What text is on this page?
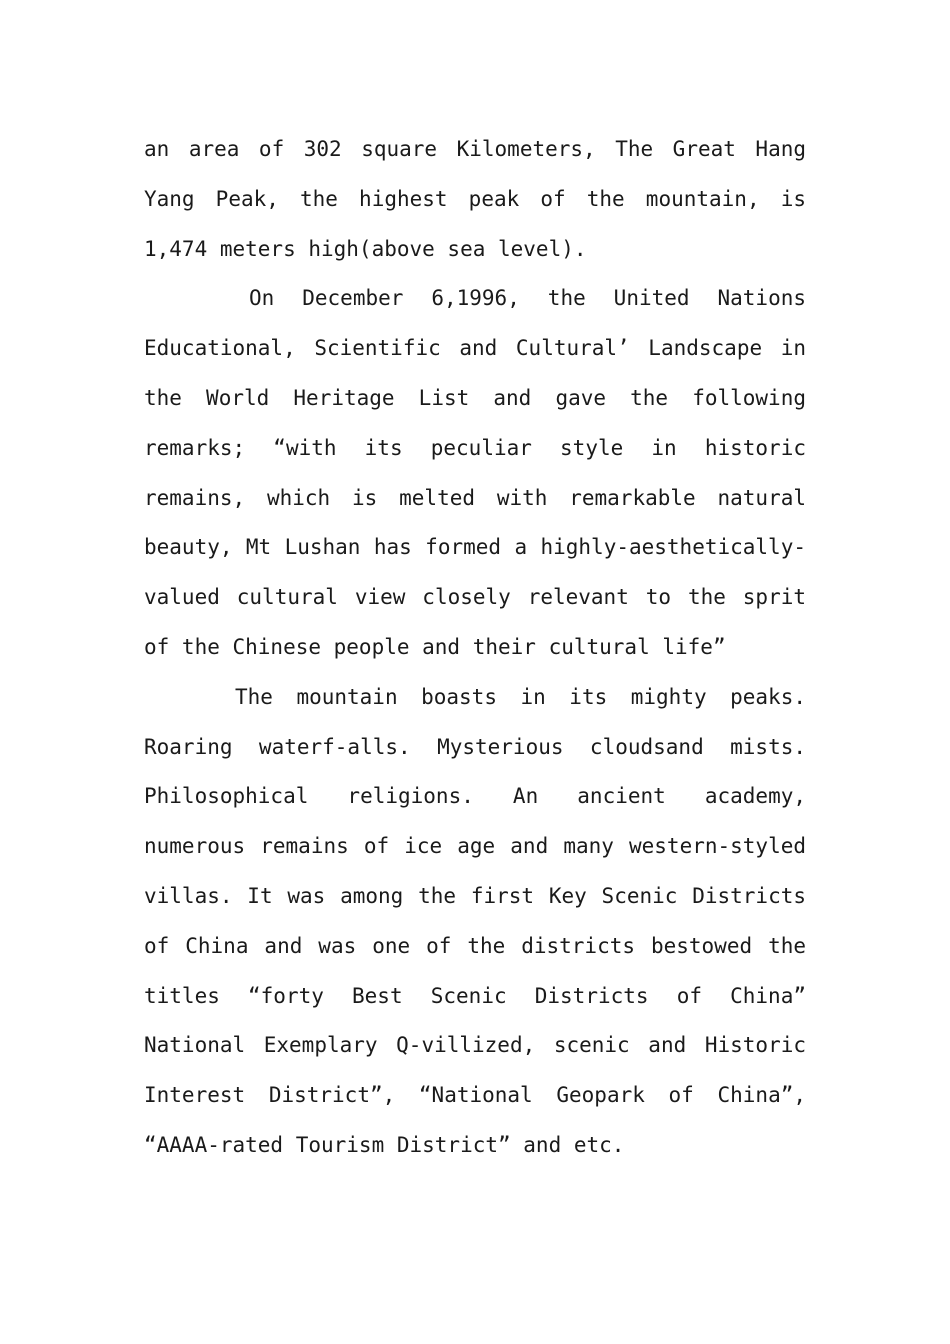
an area of 302 square Kilometers, The Great Hang Yang Peak, the highest peak of the mountain, is 1,474 meters high(above sea level).

On December 6,1996, the United Nations Educational, Scientific and Cultural’ Landscape in the World Heritage List and gave the following remarks; “with its peculiar style in historic remains, which is melted with remarkable natural beauty, Mt Lushan has formed a highly-aesthetically-valued cultural view closely relevant to the sprit of the Chinese people and their cultural life”

The mountain boasts in its mighty peaks. Roaring waterf-alls. Mysterious cloudsand mists. Philosophical religions. An ancient academy, numerous remains of ice age and many western-styled villas. It was among the first Key Scenic Districts of China and was one of the districts bestowed the titles “forty Best Scenic Districts of China” National Exemplary Q-villized, scenic and Historic Interest District”, “National Geopark of China”, “AAAA-rated Tourism District” and etc.
